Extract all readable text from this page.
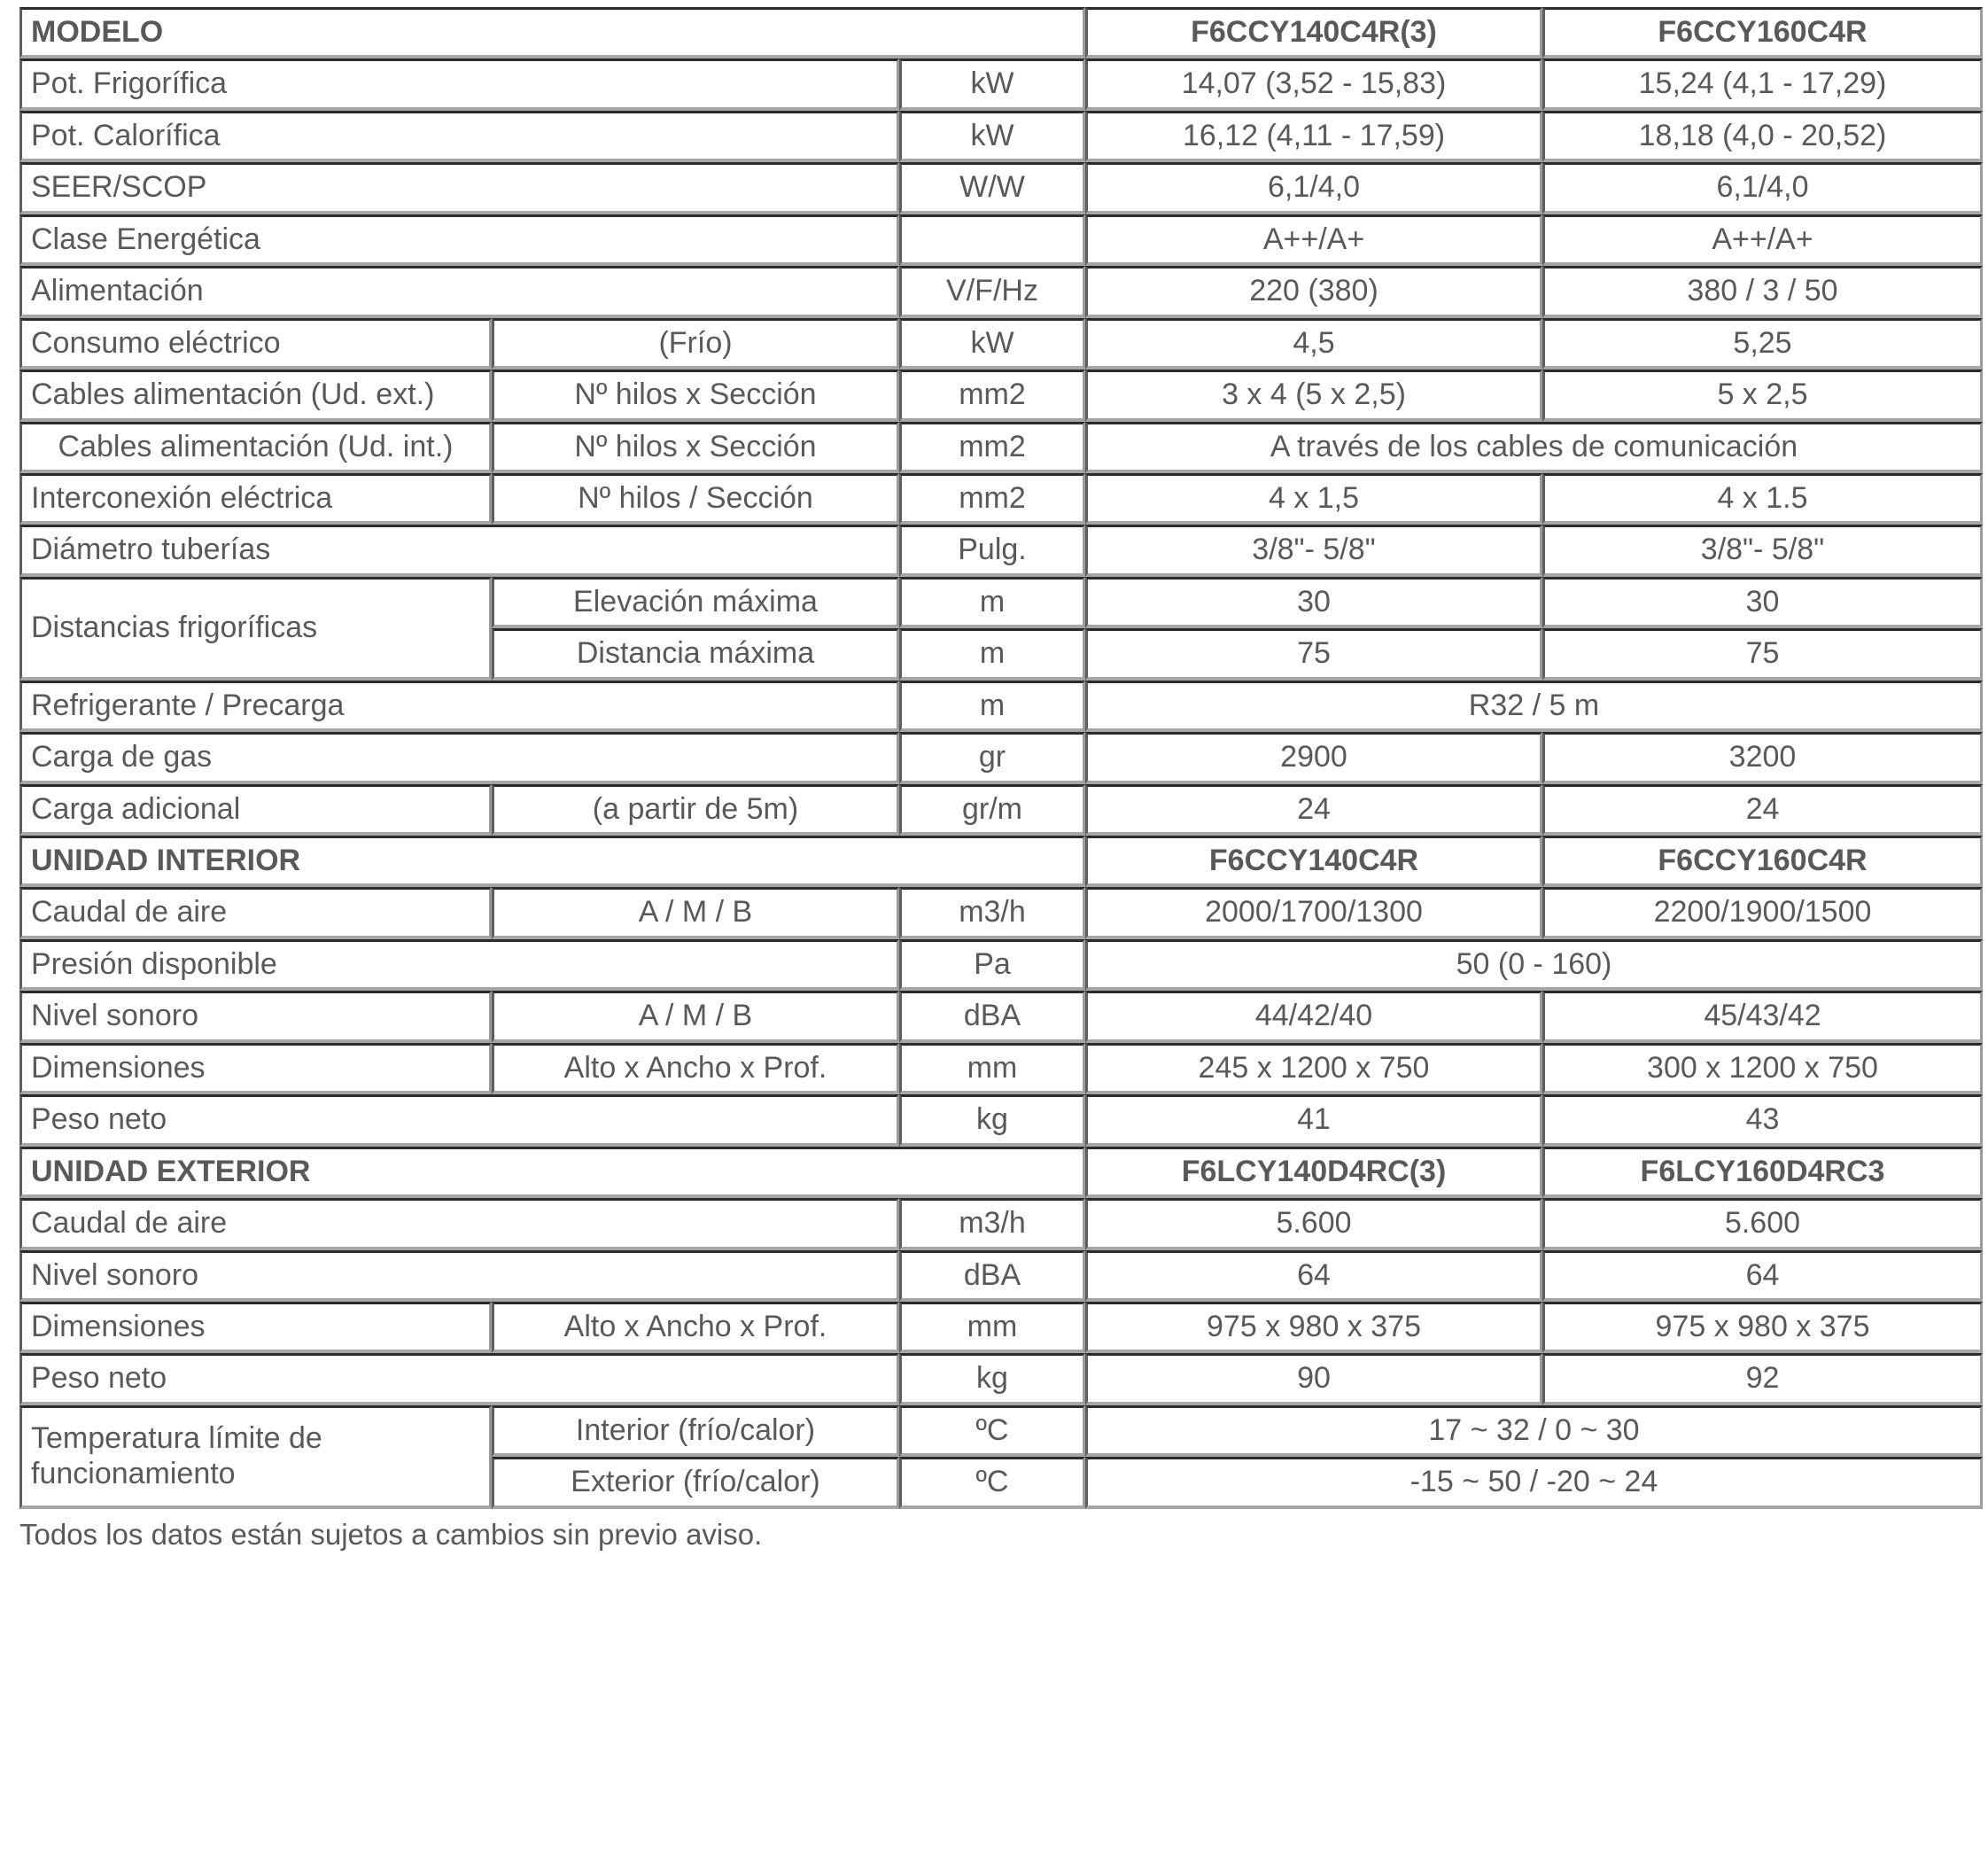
MODELO			F6CCY140C4R(3)	F6CCY160C4R
Pot. Frigorífica		kW	14,07 (3,52 - 15,83)	15,24 (4,1 - 17,29)
Pot. Calorífica		kW	16,12 (4,11 - 17,59)	18,18 (4,0 - 20,52)
SEER/SCOP		W/W	6,1/4,0	6,1/4,0
Clase Energética			A++/A+	A++/A+
Alimentación		V/F/Hz	220 (380)	380 / 3 / 50
Consumo eléctrico	(Frío)	kW	4,5	5,25
Cables alimentación (Ud. ext.)	Nº hilos x Sección	mm2	3 x 4 (5 x 2,5)	5 x 2,5
Cables alimentación (Ud. int.)	Nº hilos x Sección	mm2	A través de los cables de comunicación	
Interconexión eléctrica	Nº hilos / Sección	mm2	4 x 1,5	4 x 1.5
Diámetro tuberías		Pulg.	3/8"- 5/8"	3/8"- 5/8"
Distancias frigoríficas	Elevación máxima	m	30	30
	Distancia máxima	m	75	75
Refrigerante / Precarga		m	R32 / 5 m	
Carga de gas		gr	2900	3200
Carga adicional	(a partir de 5m)	gr/m	24	24
UNIDAD INTERIOR			F6CCY140C4R	F6CCY160C4R
Caudal de aire	A / M / B	m3/h	2000/1700/1300	2200/1900/1500
Presión disponible		Pa	50 (0 - 160)	
Nivel sonoro	A / M / B	dBA	44/42/40	45/43/42
Dimensiones	Alto x Ancho x Prof.	mm	245 x 1200 x 750	300 x 1200 x 750
Peso neto		kg	41	43
UNIDAD EXTERIOR			F6LCY140D4RC(3)	F6LCY160D4RC3
Caudal de aire		m3/h	5.600	5.600
Nivel sonoro		dBA	64	64
Dimensiones	Alto x Ancho x Prof.	mm	975 x 980 x 375	975 x 980 x 375
Peso neto		kg	90	92
Temperatura límite de funcionamiento	Interior (frío/calor)	ºC	17 ~ 32 / 0 ~ 30	
	Exterior (frío/calor)	ºC	-15 ~ 50 / -20 ~ 24	
Todos los datos están sujetos a cambios sin previo aviso.
